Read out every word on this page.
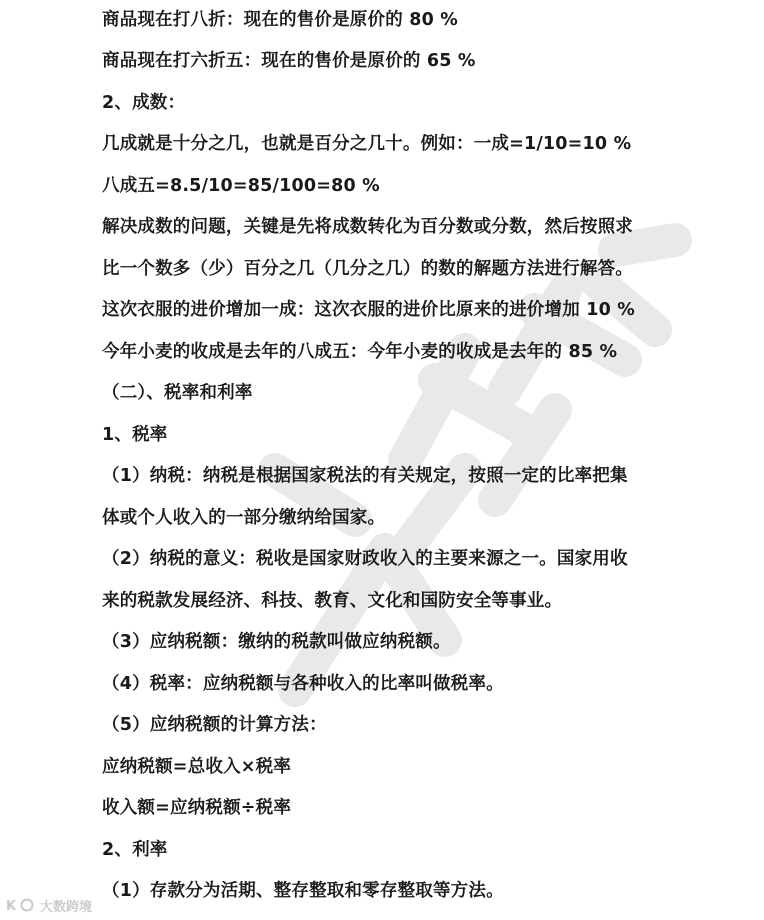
商品现在打八折：现在的售价是原价的 80 %
商品现在打六折五：现在的售价是原价的 65 %
2、成数：
几成就是十分之几，也就是百分之几十。例如：一成=1/10=10 %
八成五=8.5/10=85/100=80 %
解决成数的问题，关键是先将成数转化为百分数或分数，然后按照求
比一个数多（少）百分之几（几分之几）的数的解题方法进行解答。
这次衣服的进价增加一成：这次衣服的进价比原来的进价增加 10 %
今年小麦的收成是去年的八成五：今年小麦的收成是去年的 85 %
（二）、税率和利率
1、税率
（1）纳税：纳税是根据国家税法的有关规定，按照一定的比率把集
体或个人收入的一部分缴纳给国家。
（2）纳税的意义：税收是国家财政收入的主要来源之一。国家用收
来的税款发展经济、科技、教育、文化和国防安全等事业。
（3）应纳税额：缴纳的税款叫做应纳税额。
（4）税率：应纳税额与各种收入的比率叫做税率。
（5）应纳税额的计算方法：
应纳税额=总收入×税率
收入额=应纳税额÷税率
2、利率
（1）存款分为活期、整存整取和零存整取等方法。
K 大数跨境
